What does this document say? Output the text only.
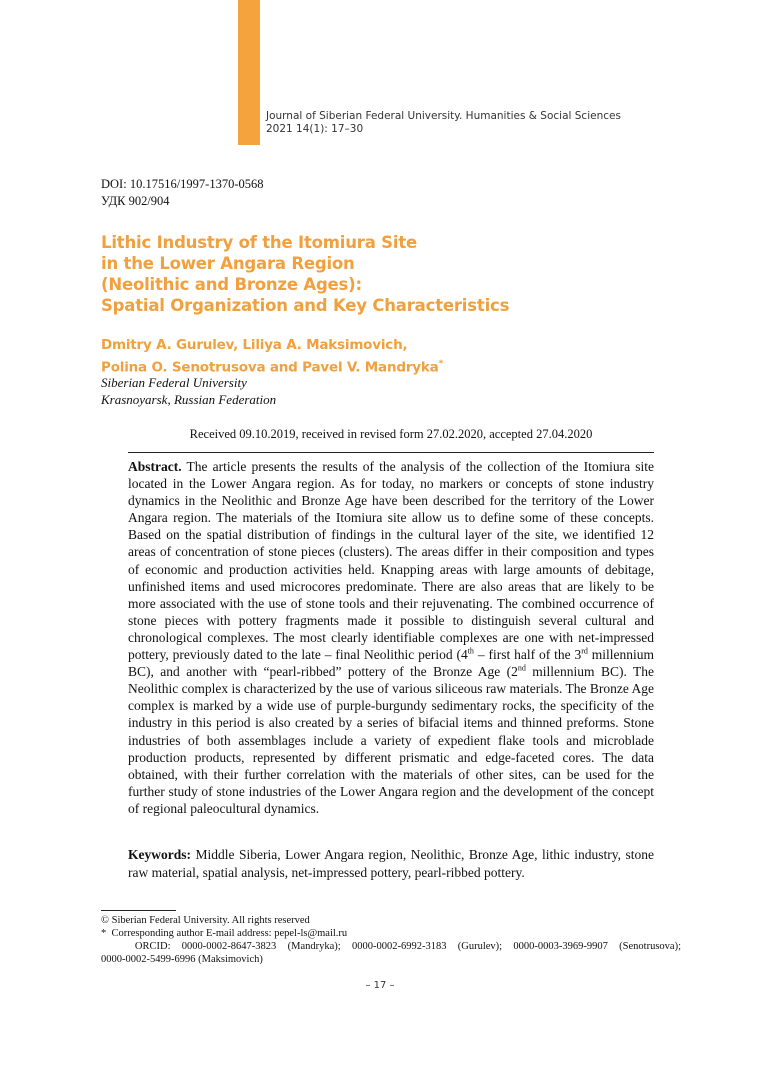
Journal of Siberian Federal University. Humanities & Social Sciences
2021 14(1): 17–30
DOI: 10.17516/1997-1370-0568
УДК 902/904
Lithic Industry of the Itomiura Site
in the Lower Angara Region
(Neolithic and Bronze Ages):
Spatial Organization and Key Characteristics
Dmitry A. Gurulev, Liliya A. Maksimovich,
Polina O. Senotrusova and Pavel V. Mandryka*
Siberian Federal University
Krasnoyarsk, Russian Federation
Received 09.10.2019, received in revised form 27.02.2020, accepted 27.04.2020
Abstract. The article presents the results of the analysis of the collection of the Itomiura site located in the Lower Angara region. As for today, no markers or concepts of stone industry dynamics in the Neolithic and Bronze Age have been described for the territory of the Lower Angara region. The materials of the Itomiura site allow us to define some of these concepts. Based on the spatial distribution of findings in the cultural layer of the site, we identified 12 areas of concentration of stone pieces (clusters). The areas differ in their composition and types of economic and production activities held. Knapping areas with large amounts of debitage, unfinished items and used microcores predominate. There are also areas that are likely to be more associated with the use of stone tools and their rejuvenating. The combined occurrence of stone pieces with pottery fragments made it possible to distinguish several cultural and chronological complexes. The most clearly identifiable complexes are one with net-impressed pottery, previously dated to the late – final Neolithic period (4th – first half of the 3rd millennium BC), and another with “pearl-ribbed” pottery of the Bronze Age (2nd millennium BC). The Neolithic complex is characterized by the use of various siliceous raw materials. The Bronze Age complex is marked by a wide use of purple-burgundy sedimentary rocks, the specificity of the industry in this period is also created by a series of bifacial items and thinned preforms. Stone industries of both assemblages include a variety of expedient flake tools and microblade production products, represented by different prismatic and edge-faceted cores. The data obtained, with their further correlation with the materials of other sites, can be used for the further study of stone industries of the Lower Angara region and the development of the concept of regional paleocultural dynamics.
Keywords: Middle Siberia, Lower Angara region, Neolithic, Bronze Age, lithic industry, stone raw material, spatial analysis, net-impressed pottery, pearl-ribbed pottery.
© Siberian Federal University. All rights reserved
*  Corresponding author E-mail address: pepel-ls@mail.ru
ORCID: 0000-0002-8647-3823 (Mandryka); 0000-0002-6992-3183 (Gurulev); 0000-0003-3969-9907 (Senotrusova);
0000-0002-5499-6996 (Maksimovich)
– 17 –
